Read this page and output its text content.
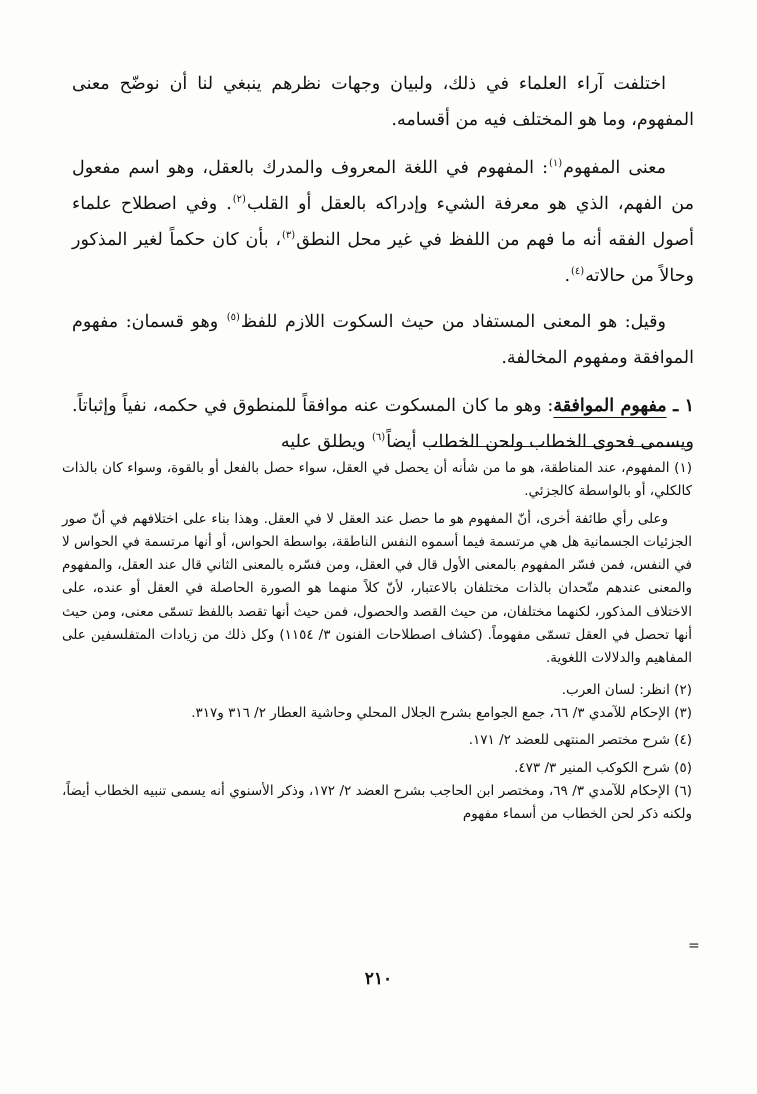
اختلفت آراء العلماء في ذلك، ولبيان وجهات نظرهم ينبغي لنا أن نوضّح معنى المفهوم، وما هو المختلف فيه من أقسامه.

معنى المفهوم$^{(١)}$: المفهوم في اللغة المعروف والمدرك بالعقل، وهو اسم مفعول من الفهم، الذي هو معرفة الشيء وإدراكه بالعقل أو القلب$^{(٢)}$. وفي اصطلاح علماء أصول الفقه أنه ما فهم من اللفظ في غير محل النطق$^{(٣)}$، بأن كان حكماً لغير المذكور وحالاً من حالاته$^{(٤)}$.

وقيل: هو المعنى المستفاد من حيث السكوت اللازم للفظ$^{(٥)}$ وهو قسمان: مفهوم الموافقة ومفهوم المخالفة.

١ ـ مفهوم الموافقة: وهو ما كان المسكوت عنه موافقاً للمنطوق في حكمه، نفياً وإثباتاً. ويسمى فحوى الخطاب ولحن الخطاب أيضاً$^{(٦)}$ ويطلق عليه

(١) المفهوم، عند المناطقة، هو ما من شأنه أن يحصل في العقل، سواء حصل بالفعل أو بالقوة، وسواء كان بالذات كالكلي، أو بالواسطة كالجزئي.

وعلى رأي طائفة أخرى، أنّ المفهوم هو ما حصل عند العقل لا في العقل. وهذا بناء على اختلافهم في أنّ صور الجزئيات الجسمانية هل هي مرتسمة فيما أسموه النفس الناطقة، بواسطة الحواس، أو أنها مرتسمة في الحواس لا في النفس، فمن فسّر المفهوم بالمعنى الأول قال في العقل، ومن فسّره بالمعنى الثاني قال عند العقل، والمفهوم والمعنى عندهم متّحدان بالذات مختلفان بالاعتبار، لأنّ كلاً منهما هو الصورة الحاصلة في العقل أو عنده، على الاختلاف المذكور، لكنهما مختلفان، من حيث القصد والحصول، فمن حيث أنها تقصد باللفظ تسمّى معنى، ومن حيث أنها تحصل في العقل تسمّى مفهوماً. (كشاف اصطلاحات الفنون ٣/ ١١٥٤) وكل ذلك من زيادات المتفلسفين على المفاهيم والدلالات اللغوية.

(٢) انظر: لسان العرب.

(٣) الإحكام للآمدي ٣/ ٦٦، جمع الجوامع بشرح الجلال المحلي وحاشية العطار ٢/ ٣١٦ و٣١٧.

(٤) شرح مختصر المنتهى للعضد ٢/ ١٧١.

(٥) شرح الكوكب المنير ٣/ ٤٧٣.

(٦) الإحكام للآمدي ٣/ ٦٩، ومختصر ابن الحاجب بشرح العضد ٢/ ١٧٢، وذكر الأسنوي أنه يسمى تنبيه الخطاب أيضاً، ولكنه ذكر لحن الخطاب من أسماء مفهوم

=
٢١٠
